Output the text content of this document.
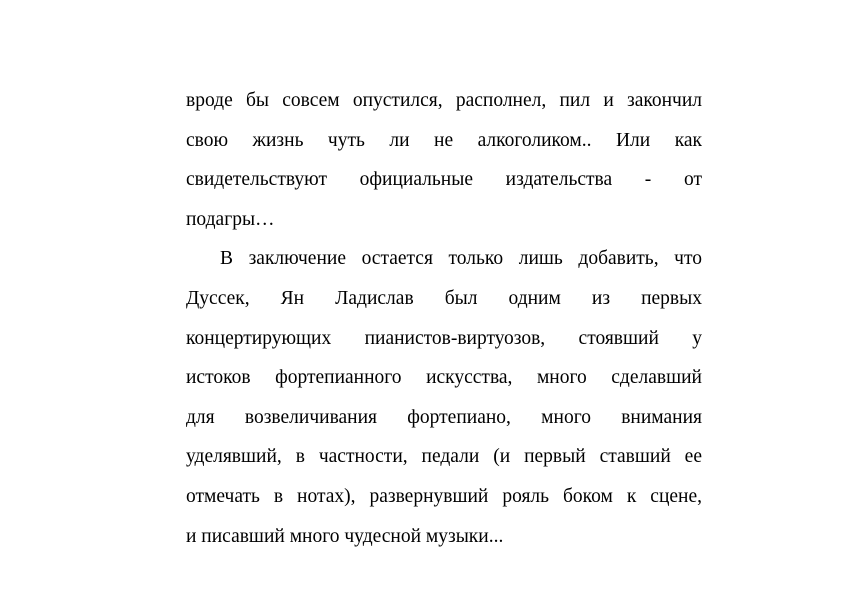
вроде бы совсем опустился, располнел, пил и закончил
свою жизнь чуть ли не алкоголиком.. Или как
свидетельствуют официальные издательства - от
подагры…
В заключение остается только лишь добавить, что
Дуссек, Ян Ладислав был одним из первых
концертирующих пианистов-виртуозов, стоявший у
истоков фортепианного искусства, много сделавший
для возвеличивания фортепиано, много внимания
уделявший, в частности, педали (и первый ставший ее
отмечать в нотах), развернувший рояль боком к сцене,
и писавший много чудесной музыки...
